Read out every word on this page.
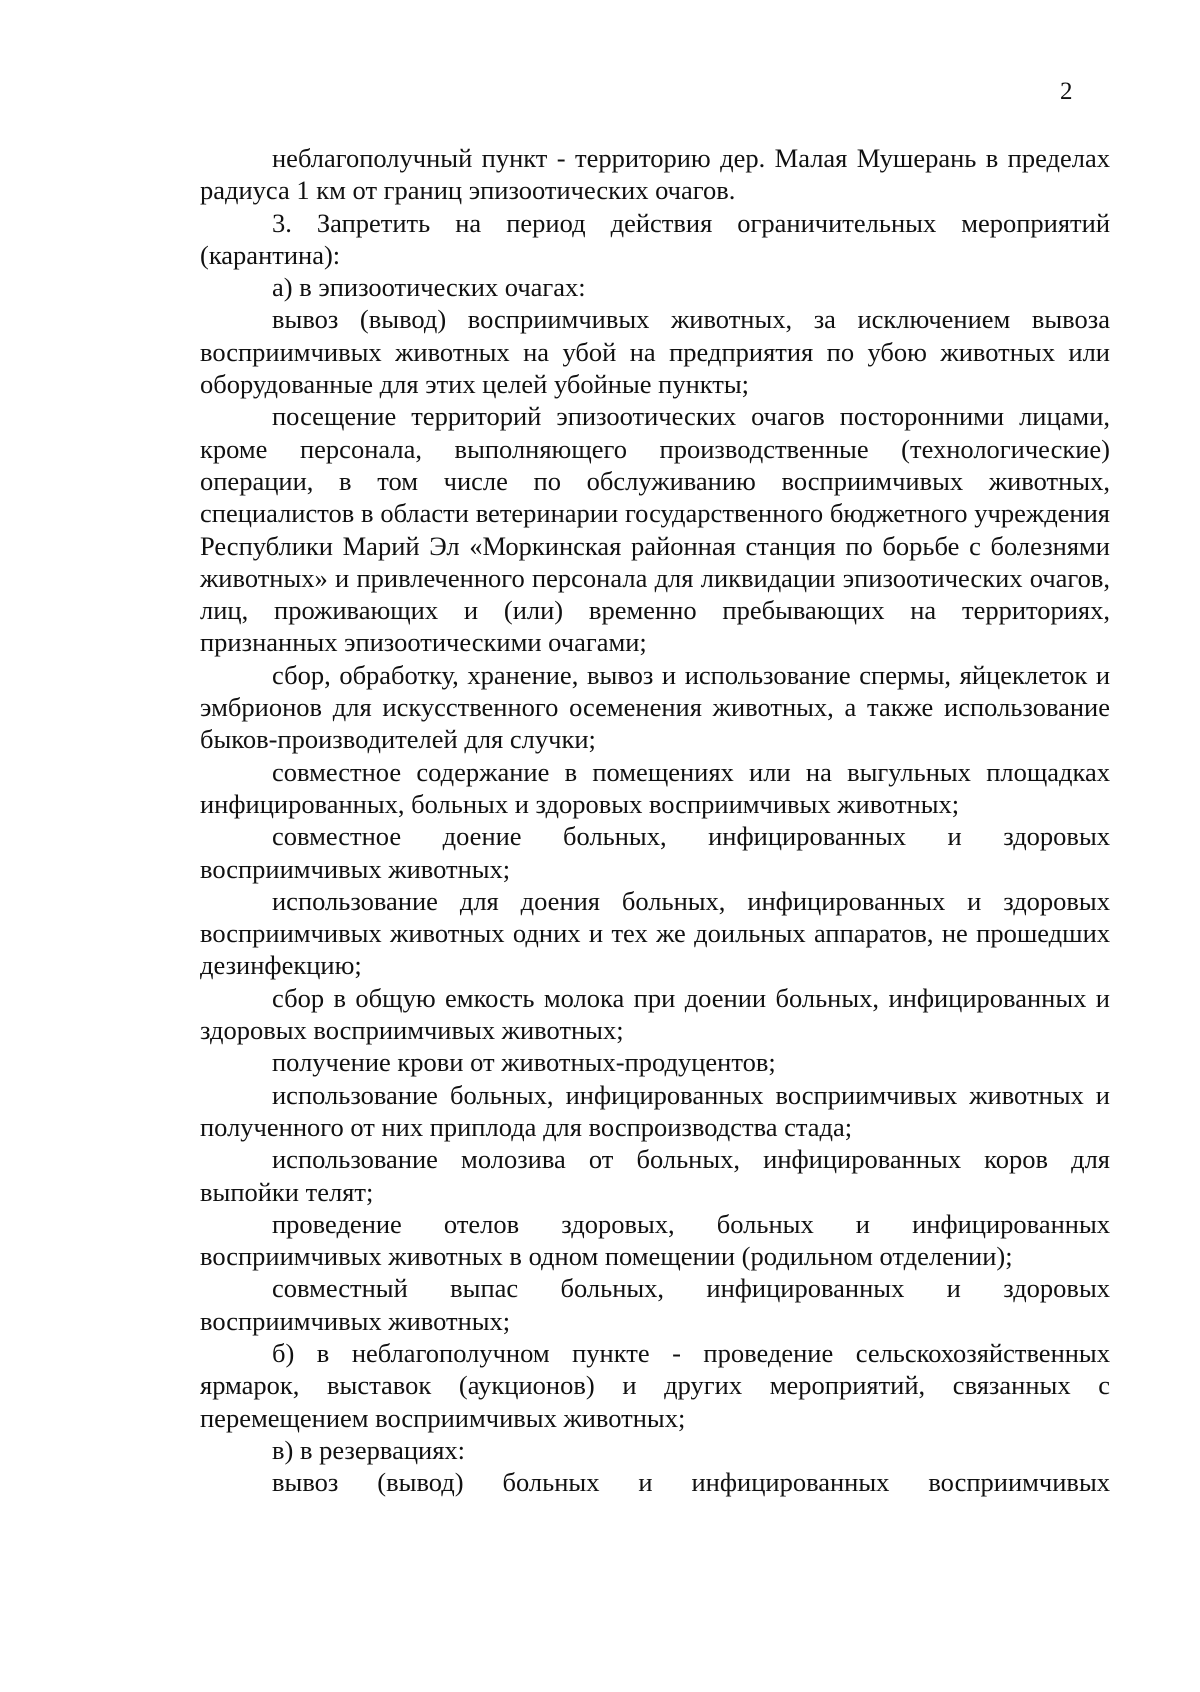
2

неблагополучный пункт - территорию дер. Малая Мушерань в пределах радиуса 1 км от границ эпизоотических очагов.

3. Запретить на период действия ограничительных мероприятий (карантина):

а) в эпизоотических очагах:

вывоз (вывод) восприимчивых животных, за исключением вывоза восприимчивых животных на убой на предприятия по убою животных или оборудованные для этих целей убойные пункты;

посещение территорий эпизоотических очагов посторонними лицами, кроме персонала, выполняющего производственные (технологические) операции, в том числе по обслуживанию восприимчивых животных, специалистов в области ветеринарии государственного бюджетного учреждения Республики Марий Эл «Моркинская районная станция по борьбе с болезнями животных» и привлеченного персонала для ликвидации эпизоотических очагов, лиц, проживающих и (или) временно пребывающих на территориях, признанных эпизоотическими очагами;

сбор, обработку, хранение, вывоз и использование спермы, яйцеклеток и эмбрионов для искусственного осеменения животных, а также использование быков-производителей для случки;

совместное содержание в помещениях или на выгульных площадках инфицированных, больных и здоровых восприимчивых животных;

совместное доение больных, инфицированных и здоровых восприимчивых животных;

использование для доения больных, инфицированных и здоровых восприимчивых животных одних и тех же доильных аппаратов, не прошедших дезинфекцию;

сбор в общую емкость молока при доении больных, инфицированных и здоровых восприимчивых животных;

получение крови от животных-продуцентов;

использование больных, инфицированных восприимчивых животных и полученного от них приплода для воспроизводства стада;

использование молозива от больных, инфицированных коров для выпойки телят;

проведение отелов здоровых, больных и инфицированных восприимчивых животных в одном помещении (родильном отделении);

совместный выпас больных, инфицированных и здоровых восприимчивых животных;

б) в неблагополучном пункте - проведение сельскохозяйственных ярмарок, выставок (аукционов) и других мероприятий, связанных с перемещением восприимчивых животных;

в) в резервациях:

вывоз (вывод) больных и инфицированных восприимчивых
